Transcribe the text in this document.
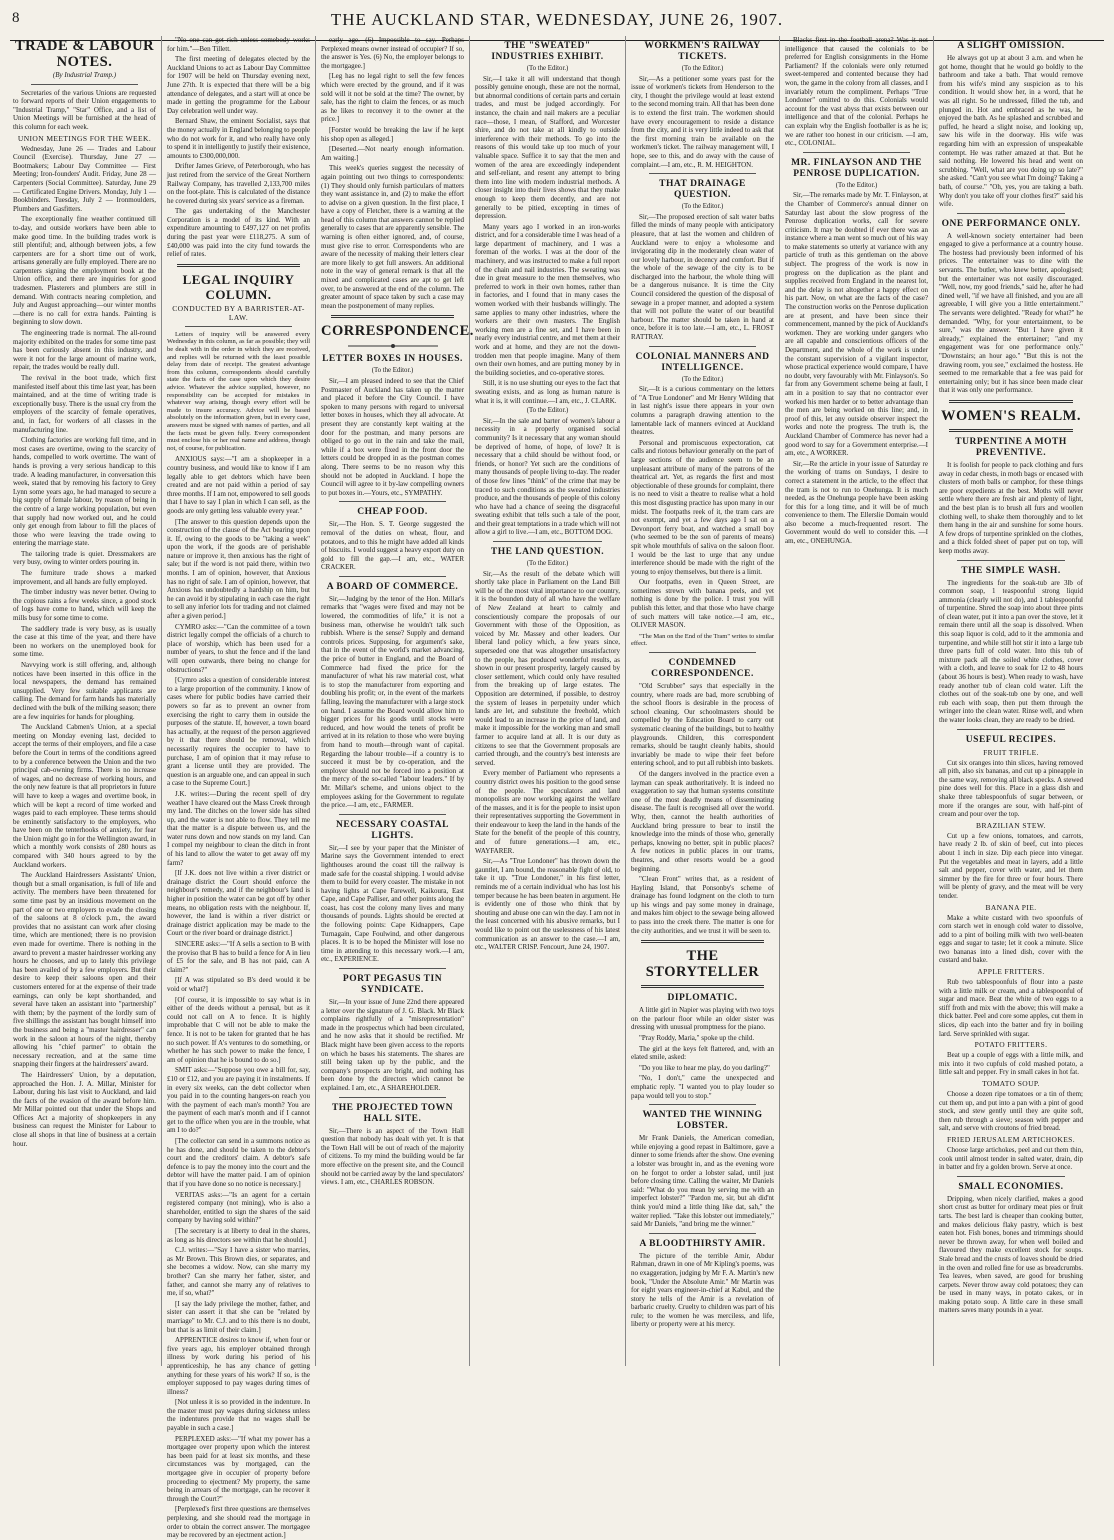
8	THE AUCKLAND STAR, WEDNESDAY, JUNE 26, 1907.
TRADE & LABOUR NOTES.
(By Industrial Tramp.)

Secretaries of the various Unions are requested to forward reports of their Union engagements to "Industrial Tramp," "Star" Office, and a list of Union Meetings will be furnished at the head of this column for each week.

UNION MEETINGS FOR THE WEEK.

Wednesday, June 26 — Trades and Labour Council (Exercise). Thursday, June 27 — Bootmakers; Labour Day Committee — First Meeting; Iron-founders' Audit. Friday, June 28 — Carpenters (Social Committee). Saturday, June 29 — Certificated Engine Drivers. Monday, July 1 — Bookbinders. Tuesday, July 2 — Ironmoulders, Plumbers and Gasfitters.

The exceptionally fine weather continued till to-day, and outside workers have been able to make good time. In the building trades work is still plentiful; and, although between jobs, a few carpenters are for a short time out of work, artisans generally are fully employed. There are no carpenters signing the employment book at the Union office, and there are inquiries for good tradesmen. Plasterers and plumbers are still in demand. With contracts nearing completion, and July and August approaching—our winter months—there is no call for extra hands. Painting is beginning to slow down.

The engineering trade is normal. The all-round majority exhibited on the trades for some time past has been curiously absent in this industry, and were it not for the large amount of marine work, repair, the trades would be really dull.

The revival in the boot trade, which first manifested itself about this time last year, has been maintained, and at the time of writing trade is exceptionally busy. There is the usual cry from the employers of the scarcity of female operatives, and, in fact, for workers of all classes in the manufacturing line.

Clothing factories are working full time, and in most cases are overtime, owing to the scarcity of hands, compelled to work overtime. The want of hands is proving a very serious handicap to this trade. A leading manufacturer, in conversation this week, stated that by removing his factory to Grey Lynn some years ago, he had managed to secure a big supply of female labour, by reason of being in the centre of a large working population, but even that supply had now worked out, and he could only get enough from labour to fill the places of those who were leaving the trade owing to entering the marriage state.

The tailoring trade is quiet. Dressmakers are very busy, owing to winter orders pouring in.

The furniture trade shows a marked improvement, and all hands are fully employed.

The timber industry was never better. Owing to the copious rains a few weeks since, a good stock of logs have come to hand, which will keep the mills busy for some time to come.

The saddlery trade is very busy, as is usually the case at this time of the year, and there have been no workers on the unemployed book for some time.

Navvying work is still offering, and, although notices have been inserted in this office in the local newspapers, the demand has remained unsupplied. Very few suitable applicants are calling. The demand for farm hands has materially declined with the bulk of the milking season; there are a few inquiries for hands for ploughing.

The Auckland Cabmen's Union, at a special meeting on Monday evening last, decided to accept the terms of their employers, and file a case before the Court in terms of the conditions agreed to by a conference between the Union and the two principal cab-owning firms. There is no increase of wages, and no decrease of working hours, and the only new feature is that all proprietors in future will have to keep a wages and overtime book, in which will be kept a record of time worked and wages paid to each employee. These terms should be eminently satisfactory to the employers, who have been on the tenterhooks of anxiety, for fear the Union might go in for the Wellington award, in which a monthly work consists of 280 hours as compared with 340 hours agreed to by the Auckland workers.

The Auckland Hairdressers Assistants' Union, though but a small organisation, is full of life and activity. The members have been threatened for some time past by an insidious movement on the part of one or two employers to evade the closing of the saloons at 8 o'clock p.m., the award provides that no assistant can work after closing time, which are mentioned; there is no provision even made for overtime. There is nothing in the award to prevent a master hairdresser working any hours he chooses, and up to lately this privilege has been availed of by a few employers. But their desire to keep their saloons open and their customers entered for at the expense of their trade earnings, can only be kept shorthanded, and several have taken an assistant into "partnership" with them; by the payment of the lordly sum of five shillings the assistant has bought himself into the business and being a "master hairdresser" can work in the saloon at hours of the night, thereby allowing his "chief partner" to obtain the necessary recreation, and at the same time snapping their fingers at the hairdressers' award.

The Hairdressers' Union, by a deputation, approached the Hon. J. A. Millar, Minister for Labour, during his last visit to Auckland, and laid the facts of the evasion of the award before him. Mr Millar pointed out that under the Shops and Offices Act a majority of shopkeepers in any business can request the Minister for Labour to close all shops in that line of business at a certain hour.

"No one can get rich unless somebody works for him."—Ben Tillett.

The first meeting of delegates elected by the Auckland Unions to act as Labour Day Committee for 1907 will be held on Thursday evening next, June 27th. It is expected that there will be a big attendance of delegates, and a start will at once be made in getting the programme for the Labour Day celebration well under way.

Bernard Shaw, the eminent Socialist, says that the money actually in England belonging to people who do not work for it, and who really have only to spend it in intelligently to justify their existence, amounts to £300,000,000.

Drifter James Grieve, of Peterborough, who has just retired from the service of the Great Northern Railway Company, has travelled 2,133,700 miles on the foot-plate. This is calculated of the distance he covered during six years' service as a fireman.

The gas undertaking of the Manchester Corporation is a model of its kind. With an expenditure amounting to £497,127 on net profits during the past year were £118,275. A sum of £40,000 was paid into the city fund towards the relief of rates.

LEGAL INQUIRY COLUMN.
CONDUCTED BY A BARRISTER-AT-LAW.

Letters of inquiry will be answered every Wednesday in this column, as far as possible; they will be dealt with in the order in which they are received, and replies will be returned with the least possible delay from date of receipt. The greatest advantage from this column, correspondents should carefully state the facts of the case upon which they desire advice. Whatever the advice supplied, however, no responsibility can be accepted for mistakes in whatever way arising, though every effort will be made to insure accuracy. Advice will be based absolutely on the information given, but in every case, answers must be signed with names of parties, and all the facts must be given fully. Every correspondent must enclose his or her real name and address, though not, of course, for publication.

ANXIOUS says:—"I am a shopkeeper in a country business, and would like to know if I am legally able to get debtors which have been created and are not paid within a period of say three months. If I am not, empowered to sell goods that I have to say I plan in which I can sell, as the goods are only getting less valuable every year."

[The answer to this question depends upon the construction of the clause of the Act bearing upon it. If, owing to the goods to be "taking a week" upon the work, if the goods are of perishable nature or improve it, then anxious has the right of sale; but if the word is not paid there, within two months. I am of opinion, however, that Anxious has no right of sale. I am of opinion, however, that Anxious has undoubtedly a hardship on him, but he can avoid it by stipulating in each case the right to sell any inferior lots for trading and not claimed after a given period.]

CYMRO asks:—"Can the committee of a town district legally compel the officials of a church to place of worship, which has been used for a number of years, to shut the fence and if the land will open outwards, there being no change for obstructions?"

[Cymro asks a question of considerable interest to a large proportion of the community. I know of cases where for public bodies have carried their powers so far as to prevent an owner from exercising the right to carry them in outside the purposes of the statute. If, however, a town board has actually, at the request of the person aggrieved by it that there should be removal, which necessarily requires the occupier to have to purchase, I am of opinion that it may refuse to grant a license until they are provided. The question is an arguable one, and can appeal in such a case to the Supreme Court.]

J.K. writes:—During the recent spell of dry weather I have cleared out the Mass Creek through my land. The ditches on the lower side has silted up, and the water is not able to flow. They tell me that the matter is a dispute between us, and the water runs down and now stands on my land. Can I compel my neighbour to clean the ditch in front of his land to allow the water to get away off my farm?

[If J.K. does not live within a river district or drainage district the Court should enforce the neighbour's remedy, and if the neighbour's land is higher in position the water can be got off by other means, no obligation rests with the neighbour. If, however, the land is within a river district or drainage district application may be made to the Court or the river board or drainage district.]

SINCERE asks:—"If A sells a section to B with the proviso that B has to build a fence for A in lieu of £5 for the sale, and B has not paid, can A claim?"

[If A was stipulated so B's deed would it be void or what?]

[Of course, it is impossible to say what is in either of the deeds without a perusal, but as it could not call on A to fence. It is highly improbable that C will not be able to make the fence. It is not to be taken for granted that he has no such power. If A's ventures to do something, or whether he has such power to make the fence, I am of opinion that he is bound to do so.]

SMIT asks:—"Suppose you owe a bill for, say, £10 or £12, and you are paying it in instalments. If in every six weeks, can the debt collector when you paid in to the counting hangers-on reach you with the payment of each man's month? You are the payment of each man's month and if I cannot get to the office when you are in the trouble, what am I to do?"

[The collector can send in a summons notice as he has done, and should be taken to the debtor's court and the creditors' claim. A debtor's safe defence is to pay the money into the court and the debtor will have the matter paid. I am of opinion that if you have done so no notice is necessary.]

VERITAS asks:—"Is an agent for a certain registered company (not mining), who is also a shareholder, entitled to sign the shares of the said company by having sold within?"

[The secretary is at liberty to deal in the shares, as long as his directors see within that he should.]

C.J. writes:—"Say I have a sister who marries, as Mr Brown. This Brown dies, or separates, and she becomes a widow. Now, can she marry my brother? Can she marry her father, sister, and father, and cannot she marry any of relatives to me, if so, what?"

[I say the lady privilege the mother, father, and sister can assert it that she can be "related by marriage" to Mr. C.J. and to this there is no doubt, but that is as limit of their claim.]

APPRENTICE desires to know if, when four or five years ago, his employer obtained through illness by work during his period of his apprenticeship, he has any chance of getting anything for these years of his work? If so, is the employer supposed to pay wages during times of illness?

[Not unless it is so provided in the indenture. In the master must pay wages during sickness unless the indentures provide that no wages shall be payable in such a case.]

PERPLEXED asks:—"If what my power has a mortgagee over property upon which the interest has been paid for at least six months, and these circumstances was by mortgaged, can the mortgagee give in occupier of property before proceeding to ejectment? My property, the same being in arrears of the mortgage, can he recover it through the Court?"

[Perplexed's first three questions are themselves perplexing, and she should read the mortgage in order to obtain the correct answer. The mortgagee may be recovered by an ejectment action.]

early age. (6) Impossible to say. Perhaps Perplexed means owner instead of occupier? If so, the answer is Yes. (6) No, the employer belongs to the mortgagee.]

[Leg has no legal right to sell the few fences which were erected by the ground, and if it was sold will it not be sold at the time? The owner, by sale, has the right to claim the fences, or as much as he likes to reconvey it to the owner at the price.]

[Forster would be breaking the law if he kept his shop open as alleged.]

[Deserted.—Not nearly enough information. Am waiting.]

This week's queries suggest the necessity of again pointing out two things to correspondents: (1) They should only furnish particulars of matters they want assistance in, and (2) to make the effort to advise on a given question. In the first place, I have a copy of Fletcher, there is a warning at the head of this column that answers cannot be replied generally to cases that are apparently sensible. The warning is often either ignored, and, of course, must give rise to error. Correspondents who are aware of the necessity of making their letters clear are more likely to get full answers. An additional note in the way of general remark is that all the mixed and complicated cases are apt to get left over, to be answered at the end of the column. The greater amount of space taken by such a case may mean the postponement of many replies.

CORRESPONDENCE.
LETTER BOXES IN HOUSES.
(To the Editor.)

Sir,—I am pleased indeed to see that the Chief Postmaster of Auckland has taken up the matter and placed it before the City Council. I have spoken to many persons with regard to universal letter boxes in houses, which they all advocate. At present they are constantly kept waiting at the door for the postman, and many persons are obliged to go out in the rain and take the mail, while if a box were fixed in the front door the letters could be dropped in as the postman comes along. There seems to be no reason why this should not be adopted in Auckland. I hope the Council will agree to it by-law compelling owners to put boxes in.—Yours, etc., SYMPATHY.

CHEAP FOOD.

Sir,—The Hon. S. T. George suggested the removal of the duties on wheat, flour, and potatoes, and to this he might have added all kinds of biscuits. I would suggest a heavy export duty on gold to fill the gap.—I am, etc., WATER CRACKER.

A BOARD OF COMMERCE.

Sir,—Judging by the tenor of the Hon. Millar's remarks that "wages were fixed and may not be lowered, the commodities of life," it is not a business man, otherwise he wouldn't talk such rubbish. Where is the sense? Supply and demand controls prices. Supposing, for argument's sake, that in the event of the world's market advancing, the price of butter in England, and the Board of Commerce had fixed the price for the manufacturer of what his raw material cost, what is to stop the manufacturer from exporting and doubling his profit; or, in the event of the markets falling, leaving the manufacturer with a large stock on hand. I assume the Board would allow him to bigger prices for his goods until stocks were reduced, and how would the tenets of profit be arrived at in its relation to those who were buying from hand to mouth—through want of capital. Regarding the labour trouble—if a country is to succeed it must be by co-operation, and the employer should not be forced into a position at the mercy of the so-called "labour leaders." If by Mr. Millar's scheme, and unions object to the employees asking for the Government to regulate the price.—I am, etc., FARMER.

NECESSARY COASTAL LIGHTS.

Sir,—I see by your paper that the Minister of Marine says the Government intended to erect lighthouses around the coast till the railway is made safe for the coastal shipping. I would advise them to build for every coaster. The mistake in not having lights at Cape Farewell, Kaikoura, East Cape, and Cape Palliser, and other points along the coast, has cost the colony many lives and many thousands of pounds. Lights should be erected at the following points: Cape Kidnappers, Cape Turnagain, Cape Foulwind, and other dangerous places. It is to be hoped the Minister will lose no time in attending to this necessary work.—I am, etc., EXPERIENCE.

PORT PEGASUS TIN SYNDICATE.

Sir,—In your issue of June 22nd there appeared a letter over the signature of J. G. Black. Mr Black complains rightfully of a "misrepresentation" made in the prospectus which had been circulated, and he now asks that it should be rectified. Mr Black might have been given access to the reports on which he bases his statements. The shares are still being taken up by the public, and the company's prospects are bright, and nothing has been done by the directors which cannot be explained. I am, etc., A SHAREHOLDER.

THE PROJECTED TOWN HALL SITE.

Sir,—There is an aspect of the Town Hall question that nobody has dealt with yet. It is that the Town Hall will be out of reach of the majority of citizens. To my mind the building would be far more effective on the present site, and the Council should not be carried away by the land speculators' views. I am, etc., CHARLES ROBSON.

THE "SWEATED" INDUSTRIES EXHIBIT.
(To the Editor.)

Sir,—I take it all will understand that though possibly genuine enough, these are not the normal, but abnormal conditions of certain parts and certain trades, and must be judged accordingly. For instance, the chain and nail makers are a peculiar race—those, I mean, of Stafford, and Worcester shire, and do not take at all kindly to outside interference with their methods. To go into the reasons of this would take up too much of your valuable space. Suffice it to say that the men and women of the area are exceedingly independent and self-reliant, and resent any attempt to bring them into line with modern industrial methods. A closer insight into their lives shows that they make enough to keep them decently, and are not generally to be pitied, excepting in times of depression.

Many years ago I worked in an iron-works district, and for a considerable time I was head of a large department of machinery, and I was a foreman of the works. I was at the door of the machinery, and was instructed to make a full report of the chain and nail industries. The sweating was due in great measure to the men themselves, who preferred to work in their own homes, rather than in factories, and I found that in many cases the women worked with their husbands willingly. The same applies to many other industries, where the workers are their own masters. The English working men are a fine set, and I have been in nearly every industrial centre, and met them at their work and at home, and they are not the down-trodden men that people imagine. Many of them own their own homes, and are putting money by in the building societies, and co-operative stores.

Still, it is no use shutting our eyes to the fact that sweating exists, and as long as human nature is what it is, it will continue.—I am, etc., J. CLARK.

(To the Editor.)

Sir,—In the sale and barter of women's labour a necessity in a properly organised social community? Is it necessary that any woman should be deprived of home, of hope, of love? It is necessary that a child should be without food, or friends, or honor? Yet such are the conditions of many thousands of people living to-day. The reader of those few lines "think" of the crime that may be traced to such conditions as the sweated industries produce, and the thousands of people of this colony who have had a chance of seeing the disgraceful sweating exhibit that tells such a tale of the poor, and their great temptations in a trade which will not allow a girl to live.—I am, etc., BOTTOM DOG.

THE LAND QUESTION.
(To the Editor.)

Sir,—As the result of the debate which will shortly take place in Parliament on the Land Bill will be of the most vital importance to our country, it is the bounden duty of all who have the welfare of New Zealand at heart to calmly and conscientiously compare the proposals of our Government with those of the Opposition, as voiced by Mr. Massey and other leaders. Our liberal land policy which, a few years since, superseded one that was altogether unsatisfactory to the people, has produced wonderful results, as shown in our present prosperity, largely caused by closer settlement, which could only have resulted from the breaking up of large estates. The Opposition are determined, if possible, to destroy the system of leases in perpetuity under which lands are let, and substitute the freehold, which would lead to an increase in the price of land, and make it impossible for the working man and small farmer to acquire land at all. It is our duty as citizens to see that the Government proposals are carried through, and the country's best interests are served.

Every member of Parliament who represents a country district owes his position to the good sense of the people. The speculators and land monopolists are now working against the welfare of the masses, and it is for the people to insist upon their representatives supporting the Government in their endeavour to keep the land in the hands of the State for the benefit of the people of this country, and of future generations.—I am, etc., WAYFARER.

Sir,—As "True Londoner" has thrown down the gauntlet, I am bound, the reasonable fight of old, to take it up. "True Londoner," in his first letter, reminds me of a certain individual who has lost his temper because he has been beaten in argument. He is evidently one of those who think that by shouting and abuse one can win the day. I am not in the least concerned with his abusive remarks, but I would like to point out the uselessness of his latest communication as an answer to the case.—I am, etc., WALTER CRISP. Fencourt, June 24, 1907.

WORKMEN'S RAILWAY TICKETS.
(To the Editor.)

Sir,—As a petitioner some years past for the issue of workmen's tickets from Henderson to the city, I thought the privilege would at least extend to the second morning train. All that has been done is to extend the first train. The workmen should have every encouragement to reside a distance from the city, and it is very little indeed to ask that the first morning train be available on the workmen's ticket. The railway management will, I hope, see to this, and do away with the cause of complaint.—I am, etc., R. M. HEIGHTON.

THAT DRAINAGE QUESTION.
(To the Editor.)

Sir,—The proposed erection of salt water baths filled the minds of many people with anticipatory pleasure, that at last the women and children of Auckland were to enjoy a wholesome and invigorating dip in the moderately clean water of our lovely harbour, in decency and comfort. But if the whole of the sewage of the city is to be discharged into the harbour, the whole thing will be a dangerous nuisance. It is time the City Council considered the question of the disposal of sewage in a proper manner, and adopted a system that will not pollute the water of our beautiful harbour. The matter should be taken in hand at once, before it is too late.—I am, etc., L. FROST RATTRAY.

COLONIAL MANNERS AND INTELLIGENCE.
(To the Editor.)

Sir,—It is a curious commentary on the letters of "A True Londoner" and Mr Henry Wilding that in last night's issue there appears in your own columns a paragraph drawing attention to the lamentable lack of manners evinced at Auckland theatres.

Personal and promiscuous expectoration, cat calls and riotous behaviour generally on the part of large sections of the audience seem to be an unpleasant attribute of many of the patrons of the theatrical art. Yet, as regards the first and most objectionable of these grounds for complaint, there is no need to visit a theatre to realise what a hold this most disgusting practice has upon many in our midst. The footpaths reek of it, the tram cars are not exempt, and yet a few days ago I sat on a Devonport ferry boat, and watched a small boy (who seemed to be the son of parents of means) spit whole mouthfuls of saliva on the saloon floor. I would be the last to urge that any undue interference should be made with the right of the young to enjoy themselves, but there is a limit.

Our footpaths, even in Queen Street, are sometimes strewn with banana peels, and yet nothing is done by the police. I trust you will publish this letter, and that those who have charge of such matters will take notice.—I am, etc., OLIVER MASON.

"The Man on the End of the Tram" writes to similar effect.

CONDEMNED CORRESPONDENCE.

"Old Scrubber" says that especially in the country, where roads are bad, more scrubbing of the school floors is desirable in the process of school cleaning. Our schoolmasters should be compelled by the Education Board to carry out systematic cleaning of the buildings, but to healthy playgrounds. Children, this correspondent remarks, should be taught cleanly habits, should invariably be made to wipe their feet before entering school, and to put all rubbish into baskets.

Of the dangers involved in the practice even a layman can speak authoritatively. It is indeed no exaggeration to say that human systems constitute one of the most deadly means of disseminating disease. The fault is recognised all over the world. Why, then, cannot the health authorities of Auckland bring pressure to bear to instil the knowledge into the minds of those who, generally perhaps, knowing no better, spit in public places? A few notices in public places in our trams, theatres, and other resorts would be a good beginning.

"Clean Front" writes that, as a resident of Hayling Island, that Ponsonby's scheme of drainage has found lodgment on the cloth to turn up his wings and pay some money in drainage, and makes him object to the sewage being allowed to pass into the creek there. The matter is one for the city authorities, and we trust it will be seen to.

THE STORYTELLER
DIPLOMATIC.

A little girl in Napier was playing with two toys on the parlour floor while an older sister was dressing with unusual promptness for the piano.

"Pray Roddy, Maria," spoke up the child.

The girl at the keys felt flattered, and, with an elated smile, asked:

"Do you like to hear me play, do you darling?"

"No, I don't," came the unexpected and emphatic reply. "I wanted you to play louder so papa would tell you to stop."

WANTED THE WINNING LOBSTER.

Mr Frank Daniels, the American comedian, while enjoying a good repast in Baltimore, gave a dinner to some friends after the show. One evening a lobster was brought in, and as the evening wore on he forgot to order a lobster salad, until just before closing time. Calling the waiter, Mr Daniels said: "What do you mean by serving me with an imperfect lobster?" "Pardon me, sir, but ah did'nt think you'd mind a little thing like dat, sah," the waiter replied. "Take this lobster out immediately," said Mr Daniels, "and bring me the winner."

A BLOODTHIRSTY AMIR.

The picture of the terrible Amir, Abdur Rahman, drawn in one of Mr Kipling's poems, was no exaggeration, judging by Mr F. A. Martin's new book, "Under the Absolute Amir." Mr Martin was for eight years engineer-in-chief at Kabul, and the story he tells of the Amir is a revelation of barbaric cruelty. Cruelty to children was part of his rule; to the women he was merciless, and life, liberty or property were at his mercy.

Blacks first in the football arena? Was it not intelligence that caused the colonials to be preferred for English consignments in the Home Parliament? If the colonials were only returned sweet-tempered and contented because they had won, the game in the colony from all classes, and I invariably return the compliment. Perhaps "True Londoner" omitted to do this. Colonials would account for the vast abyss that exists between our intelligence and that of the colonial. Perhaps he can explain why the English footballer is as he is; we are rather too honest in our criticism. —I am, etc., COLONIAL.

MR. FINLAYSON AND THE PENROSE DUPLICATION.
(To the Editor.)

Sir,—The remarks made by Mr. T. Finlayson, at the Chamber of Commerce's annual dinner on Saturday last about the slow progress of the Penrose duplication works, call for severe criticism. It may be doubted if ever there was an instance where a man went so much out of his way to make statements so utterly at variance with any particle of truth as this gentleman on the above subject. The progress of the work is now in progress on the duplication as the plant and supplies received from England in the nearest lot, and the delay is not altogether a happy effect on his part. Now, on what are the facts of the case? The construction works on the Penrose duplication are at present, and have been since their commencement, manned by the pick of Auckland's workmen. They are working under gangers who are all capable and conscientious officers of the Department, and the whole of the work is under the constant supervision of a vigilant inspector, whose practical experience would compare, I have no doubt, very favourably with Mr. Finlayson's. So far from any Government scheme being at fault, I am in a position to say that no contractor ever worked his men harder or to better advantage than the men are being worked on this line; and, in proof of this, let any outside observer inspect the works and note the progress. The truth is, the Auckland Chamber of Commerce has never had a good word to say for a Government enterprise.—I am, etc., A WORKER.

Sir,—Re the article in your issue of Saturday re the working of trams on Sundays, I desire to correct a statement in the article, to the effect that the tram is not to run to Onehunga. It is much needed, as the Onehunga people have been asking for this for a long time, and it will be of much convenience to them. The Ellerslie Domain would also become a much-frequented resort. The Government would do well to consider this. —I am, etc., ONEHUNGA.

A SLIGHT OMISSION.

He always got up at about 3 a.m. and when he got home, thought that he would go boldly to the bathroom and take a bath. That would remove from his wife's mind any suspicion as to his condition. It would show her, in a word, that he was all right. So he undressed, filled the tub, and plunged in. Hot and embraced as he was, he enjoyed the bath. As he splashed and scrubbed and puffed, he heard a slight noise, and looking up, saw his wife in the doorway. His wife was regarding him with an expression of unspeakable contempt. He was rather amazed at that. But he said nothing. He lowered his head and went on scrubbing. "Well, what are you doing up so late?" she asked. "Can't you see what I'm doing? Taking a bath, of course." "Oh, yes, you are taking a bath. Why don't you take off your clothes first?" said his wife.

ONE PERFORMANCE ONLY.

A well-known society entertainer had been engaged to give a performance at a country house. The hostess had previously been informed of his prices. The entertainer was to dine with the servants. The butler, who knew better, apologised; but the entertainer was not easily discouraged. "Well, now, my good friends," said he, after he had dined well, "if we have all finished, and you are all agreeable, I will give you a little entertainment." The servants were delighted. "Ready for what?" he demanded. "Why, for your entertainment, to be sure," was the answer. "But I have given it already," explained the entertainer; "and my engagement was for one performance only." "Downstairs; an hour ago." "But this is not the drawing room, you see," exclaimed the hostess. He seemed to me remarkable that a fee was paid for entertaining only; but it has since been made clear that it was only one performance.

WOMEN'S REALM.
TURPENTINE A MOTH PREVENTIVE.

It is foolish for people to pack clothing and furs away in cedar chests, in moth bags or encased with clusters of moth balls or camphor, for these things are poor expedients at the best. Moths will never settle where there are fresh air and plenty of light, and the best plan is to brush all furs and woollen clothing well, to shake them thoroughly and to let them hang in the air and sunshine for some hours. A few drops of turpentine sprinkled on the clothes, and a thick folded sheet of paper put on top, will keep moths away.

THE SIMPLE WASH.

The ingredients for the soak-tub are 3lb of common soap, 1 teaspoonful strong liquid ammonia (clearly will not do), and 1 tablespoonful of turpentine. Shred the soap into about three pints of clean water, put it into a pan over the stove, let it remain there until all the soap is dissolved. When this soap liquor is cold, add to it the ammonia and turpentine, and while still hot stir it into a large tub three parts full of cold water. Into this tub of mixture pack all the soiled white clothes, cover with a cloth, and leave to soak for 12 to 48 hours (about 36 hours is best). When ready to wash, have ready another tub of clean cold water. Lift the clothes out of the soak-tub one by one, and well rub each with soap, then put them through the wringer into the clean water. Rinse well, and when the water looks clean, they are ready to be dried.

USEFUL RECIPES.
FRUIT TRIFLE.

Cut six oranges into thin slices, having removed all pith, also six bananas, and cut up a pineapple in the same way, removing all black specks. A stewed pine does well for this. Place in a glass dish and shake three tablespoonfuls of sugar between, or more if the oranges are sour, with half-pint of cream and pour over the top.

BRAZILIAN STEW.

Cut up a few onions, tomatoes, and carrots, have ready 2 lb. of skin of beef, cut into pieces about 1 inch in size. Dip each piece into vinegar. Put the vegetables and meat in layers, add a little salt and pepper, cover with water, and let them simmer by the fire for three or four hours. There will be plenty of gravy, and the meat will be very tender.

BANANA PIE.

Make a white custard with two spoonfuls of corn starch wet in enough cold water to dissolve, add to a pint of boiling milk with two well-beaten eggs and sugar to taste; let it cook a minute. Slice two bananas into a lined dish, cover with the custard and bake.

APPLE FRITTERS.

Rub two tablespoonfuls of flour into a paste with a little milk or cream, and a tablespoonful of sugar and mace. Beat the white of two eggs to a stiff froth and mix with the above; this will make a thick batter. Peel and core some apples, cut them in slices, dip each into the batter and fry in boiling lard. Serve sprinkled with sugar.

POTATO FRITTERS.

Beat up a couple of eggs with a little milk, and mix into it two cupfuls of cold mashed potato, a little salt and pepper. Fry in small cakes in hot fat.

TOMATO SOUP.

Choose a dozen ripe tomatoes or a tin of them; cut them up, and put into a pan with a pint of good stock, and stew gently until they are quite soft, then rub through a sieve; season with pepper and salt, and serve with croutons of fried bread.

FRIED JERUSALEM ARTICHOKES.

Choose large artichokes, peel and cut them thin, cook until almost tender in salted water, drain, dip in batter and fry a golden brown. Serve at once.

SMALL ECONOMIES.

Dripping, when nicely clarified, makes a good short crust as butter for ordinary meat pies or fruit tarts. The best lard is cheaper than cooking butter, and makes delicious flaky pastry, which is best eaten hot. Fish bones, bones and trimmings should never be thrown away, for when well boiled and flavoured they make excellent stock for soups. Stale bread and the crusts of loaves should be dried in the oven and rolled fine for use as breadcrumbs. Tea leaves, when saved, are good for brushing carpets. Never throw away cold potatoes; they can be used in many ways, in potato cakes, or in making potato soup. A little care in these small matters saves many pounds in a year.
